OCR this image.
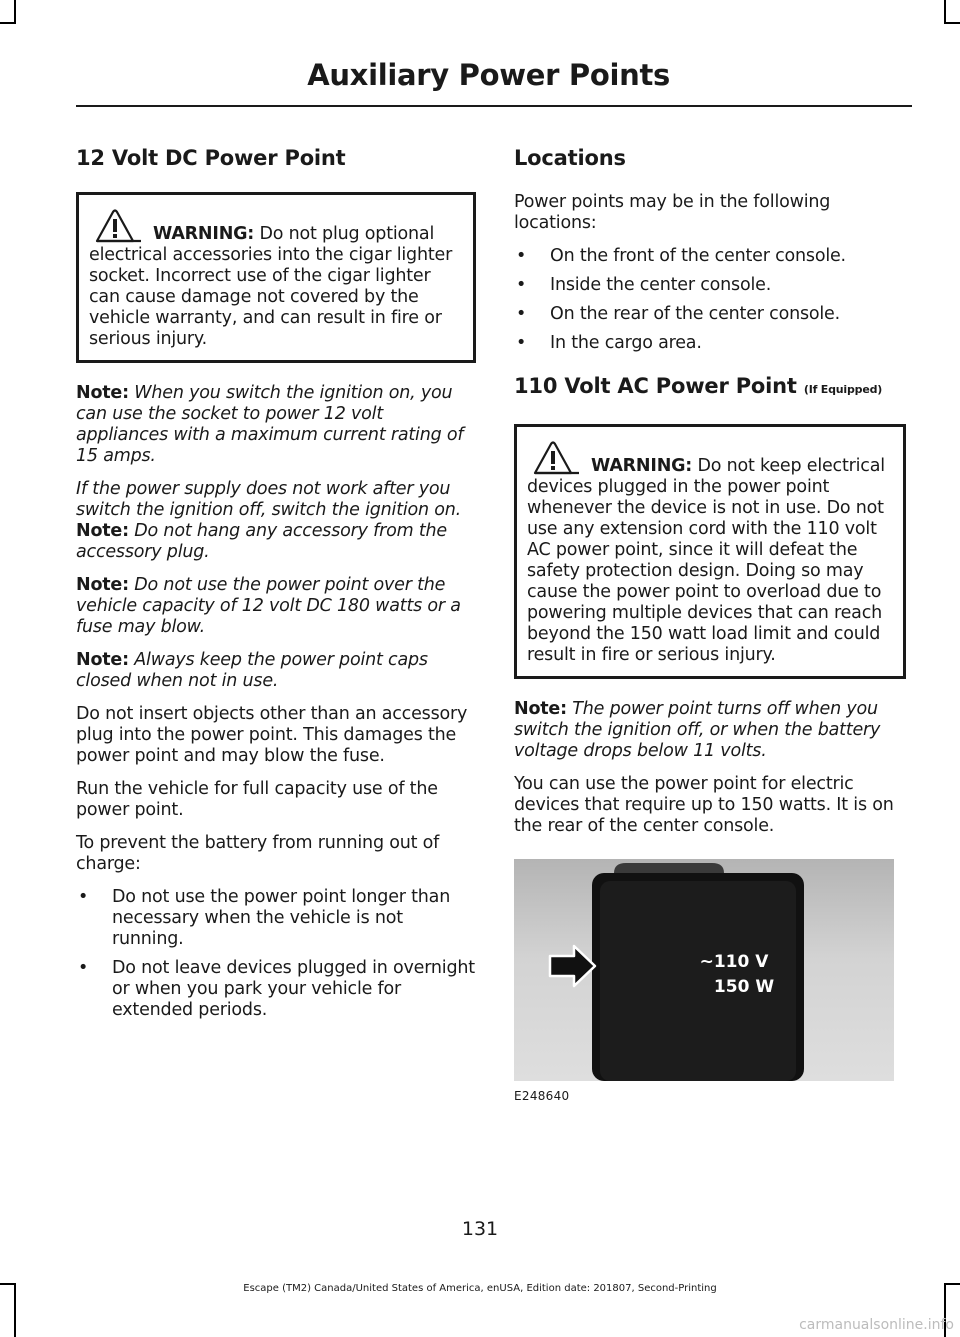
Auxiliary Power Points
12 Volt DC Power Point
WARNING: Do not plug optional electrical accessories into the cigar lighter socket. Incorrect use of the cigar lighter can cause damage not covered by the vehicle warranty, and can result in fire or serious injury.

Note: When you switch the ignition on, you can use the socket to power 12 volt appliances with a maximum current rating of 15 amps.

If the power supply does not work after you switch the ignition off, switch the ignition on.

Note: Do not hang any accessory from the accessory plug.

Note: Do not use the power point over the vehicle capacity of 12 volt DC 180 watts or a fuse may blow.

Note: Always keep the power point caps closed when not in use.

Do not insert objects other than an accessory plug into the power point. This damages the power point and may blow the fuse.

Run the vehicle for full capacity use of the power point.

To prevent the battery from running out of charge:

• Do not use the power point longer than necessary when the vehicle is not running.
• Do not leave devices plugged in overnight or when you park your vehicle for extended periods.
Locations

Power points may be in the following locations:

• On the front of the center console.
• Inside the center console.
• On the rear of the center console.
• In the cargo area.
110 Volt AC Power Point (If Equipped)
WARNING: Do not keep electrical devices plugged in the power point whenever the device is not in use. Do not use any extension cord with the 110 volt AC power point, since it will defeat the safety protection design. Doing so may cause the power point to overload due to powering multiple devices that can reach beyond the 150 watt load limit and could result in fire or serious injury.

Note: The power point turns off when you switch the ignition off, or when the battery voltage drops below 11 volts.

You can use the power point for electric devices that require up to 150 watts. It is on the rear of the center console.

~110 V
150 W
E248640
131
Escape (TM2) Canada/United States of America, enUSA, Edition date: 201807, Second-Printing
carmanualsonline.info
